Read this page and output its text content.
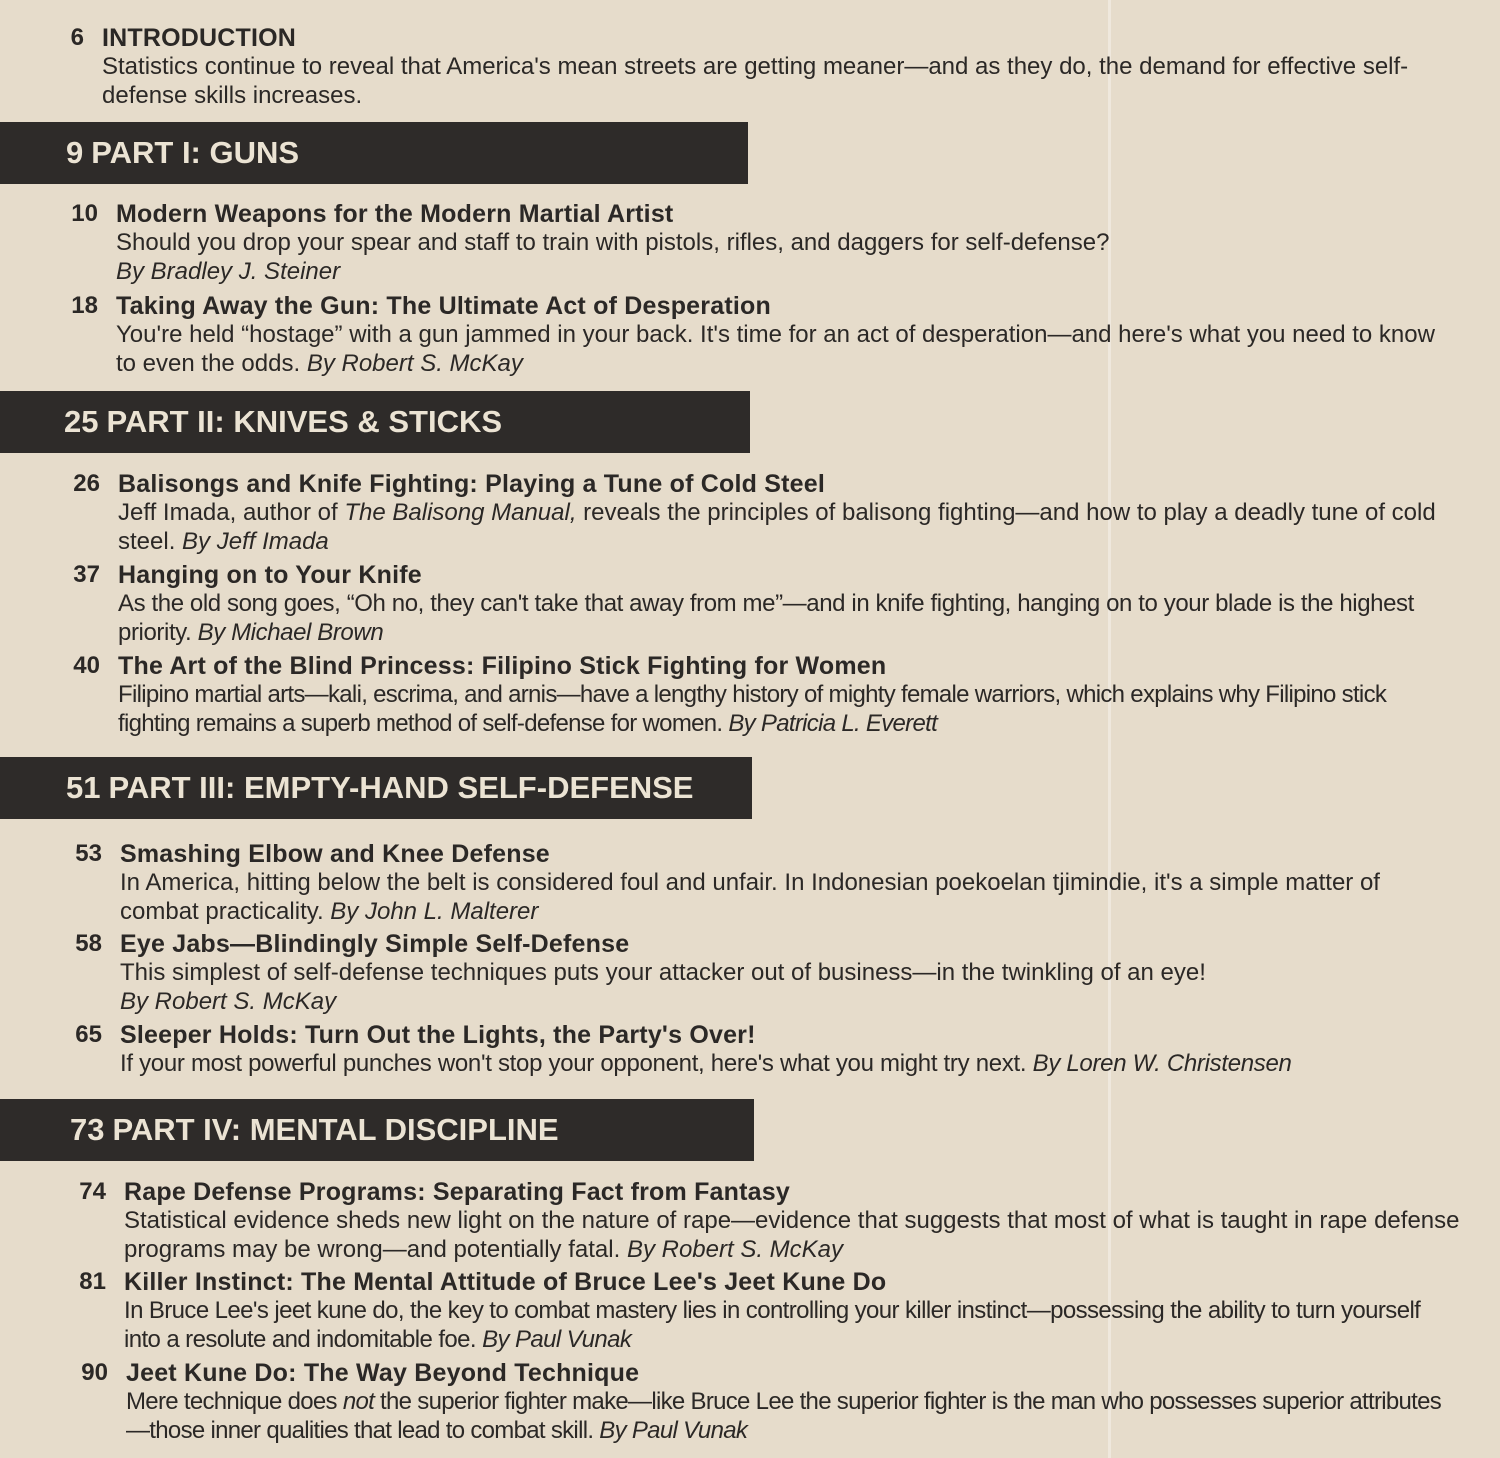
6 INTRODUCTION
Statistics continue to reveal that America's mean streets are getting meaner—and as they do, the demand for effective self-defense skills increases.
9 PART I: GUNS
10 Modern Weapons for the Modern Martial Artist
Should you drop your spear and staff to train with pistols, rifles, and daggers for self-defense?
By Bradley J. Steiner
18 Taking Away the Gun: The Ultimate Act of Desperation
You're held “hostage” with a gun jammed in your back. It's time for an act of desperation—and here's what you need to know to even the odds. By Robert S. McKay
25 PART II: KNIVES & STICKS
26 Balisongs and Knife Fighting: Playing a Tune of Cold Steel
Jeff Imada, author of The Balisong Manual, reveals the principles of balisong fighting—and how to play a deadly tune of cold steel. By Jeff Imada
37 Hanging on to Your Knife
As the old song goes, “Oh no, they can't take that away from me”—and in knife fighting, hanging on to your blade is the highest priority. By Michael Brown
40 The Art of the Blind Princess: Filipino Stick Fighting for Women
Filipino martial arts—kali, escrima, and arnis—have a lengthy history of mighty female warriors, which explains why Filipino stick fighting remains a superb method of self-defense for women. By Patricia L. Everett
51 PART III: EMPTY-HAND SELF-DEFENSE
53 Smashing Elbow and Knee Defense
In America, hitting below the belt is considered foul and unfair. In Indonesian poekoelan tjimindie, it's a simple matter of combat practicality. By John L. Malterer
58 Eye Jabs—Blindingly Simple Self-Defense
This simplest of self-defense techniques puts your attacker out of business—in the twinkling of an eye!
By Robert S. McKay
65 Sleeper Holds: Turn Out the Lights, the Party's Over!
If your most powerful punches won't stop your opponent, here's what you might try next. By Loren W. Christensen
73 PART IV: MENTAL DISCIPLINE
74 Rape Defense Programs: Separating Fact from Fantasy
Statistical evidence sheds new light on the nature of rape—evidence that suggests that most of what is taught in rape defense programs may be wrong—and potentially fatal. By Robert S. McKay
81 Killer Instinct: The Mental Attitude of Bruce Lee's Jeet Kune Do
In Bruce Lee's jeet kune do, the key to combat mastery lies in controlling your killer instinct—possessing the ability to turn yourself into a resolute and indomitable foe. By Paul Vunak
90 Jeet Kune Do: The Way Beyond Technique
Mere technique does not the superior fighter make—like Bruce Lee the superior fighter is the man who possesses superior attributes—those inner qualities that lead to combat skill. By Paul Vunak
